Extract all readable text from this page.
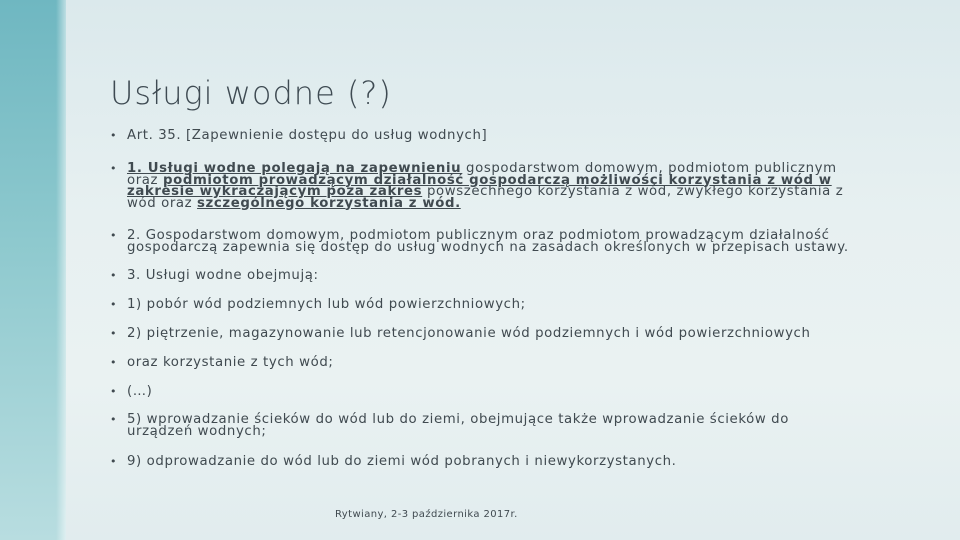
Usługi wodne (?)
• Art. 35. [Zapewnienie dostępu do usług wodnych]
• 1. Usługi wodne polegają na zapewnieniu gospodarstwom domowym, podmiotom publicznym oraz podmiotom prowadzącym działalność gospodarczą możliwości korzystania z wód w zakresie wykraczającym poza zakres powszechnego korzystania z wód, zwykłego korzystania z wód oraz szczególnego korzystania z wód.
• 2. Gospodarstwom domowym, podmiotom publicznym oraz podmiotom prowadzącym działalność gospodarczą zapewnia się dostęp do usług wodnych na zasadach określonych w przepisach ustawy.
• 3. Usługi wodne obejmują:
• 1) pobór wód podziemnych lub wód powierzchniowych;
• 2) piętrzenie, magazynowanie lub retencjonowanie wód podziemnych i wód powierzchniowych
• oraz korzystanie z tych wód;
• (…)
• 5) wprowadzanie ścieków do wód lub do ziemi, obejmujące także wprowadzanie ścieków do urządzeń wodnych;
• 9) odprowadzanie do wód lub do ziemi wód pobranych i niewykorzystanych.
Rytwiany, 2-3 października 2017r.
